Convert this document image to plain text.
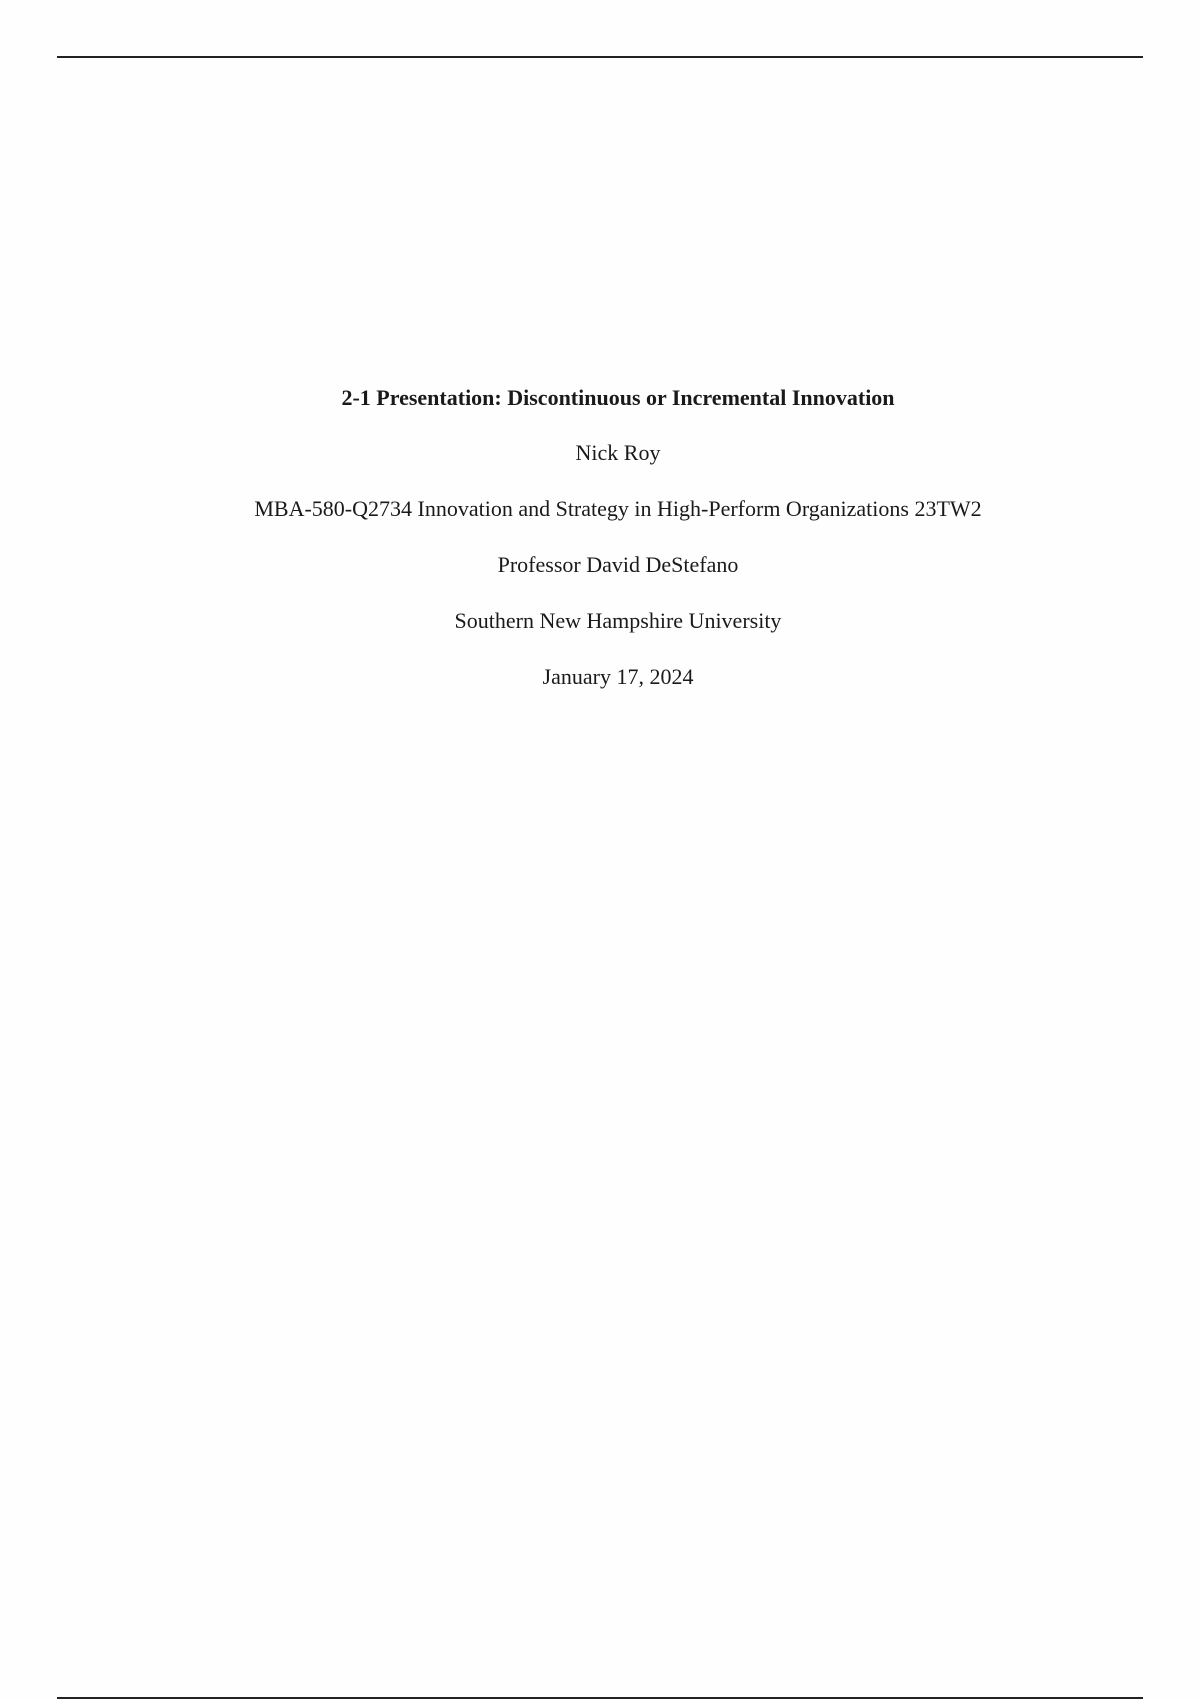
2-1 Presentation: Discontinuous or Incremental Innovation
Nick Roy
MBA-580-Q2734 Innovation and Strategy in High-Perform Organizations 23TW2
Professor David DeStefano
Southern New Hampshire University
January 17, 2024
